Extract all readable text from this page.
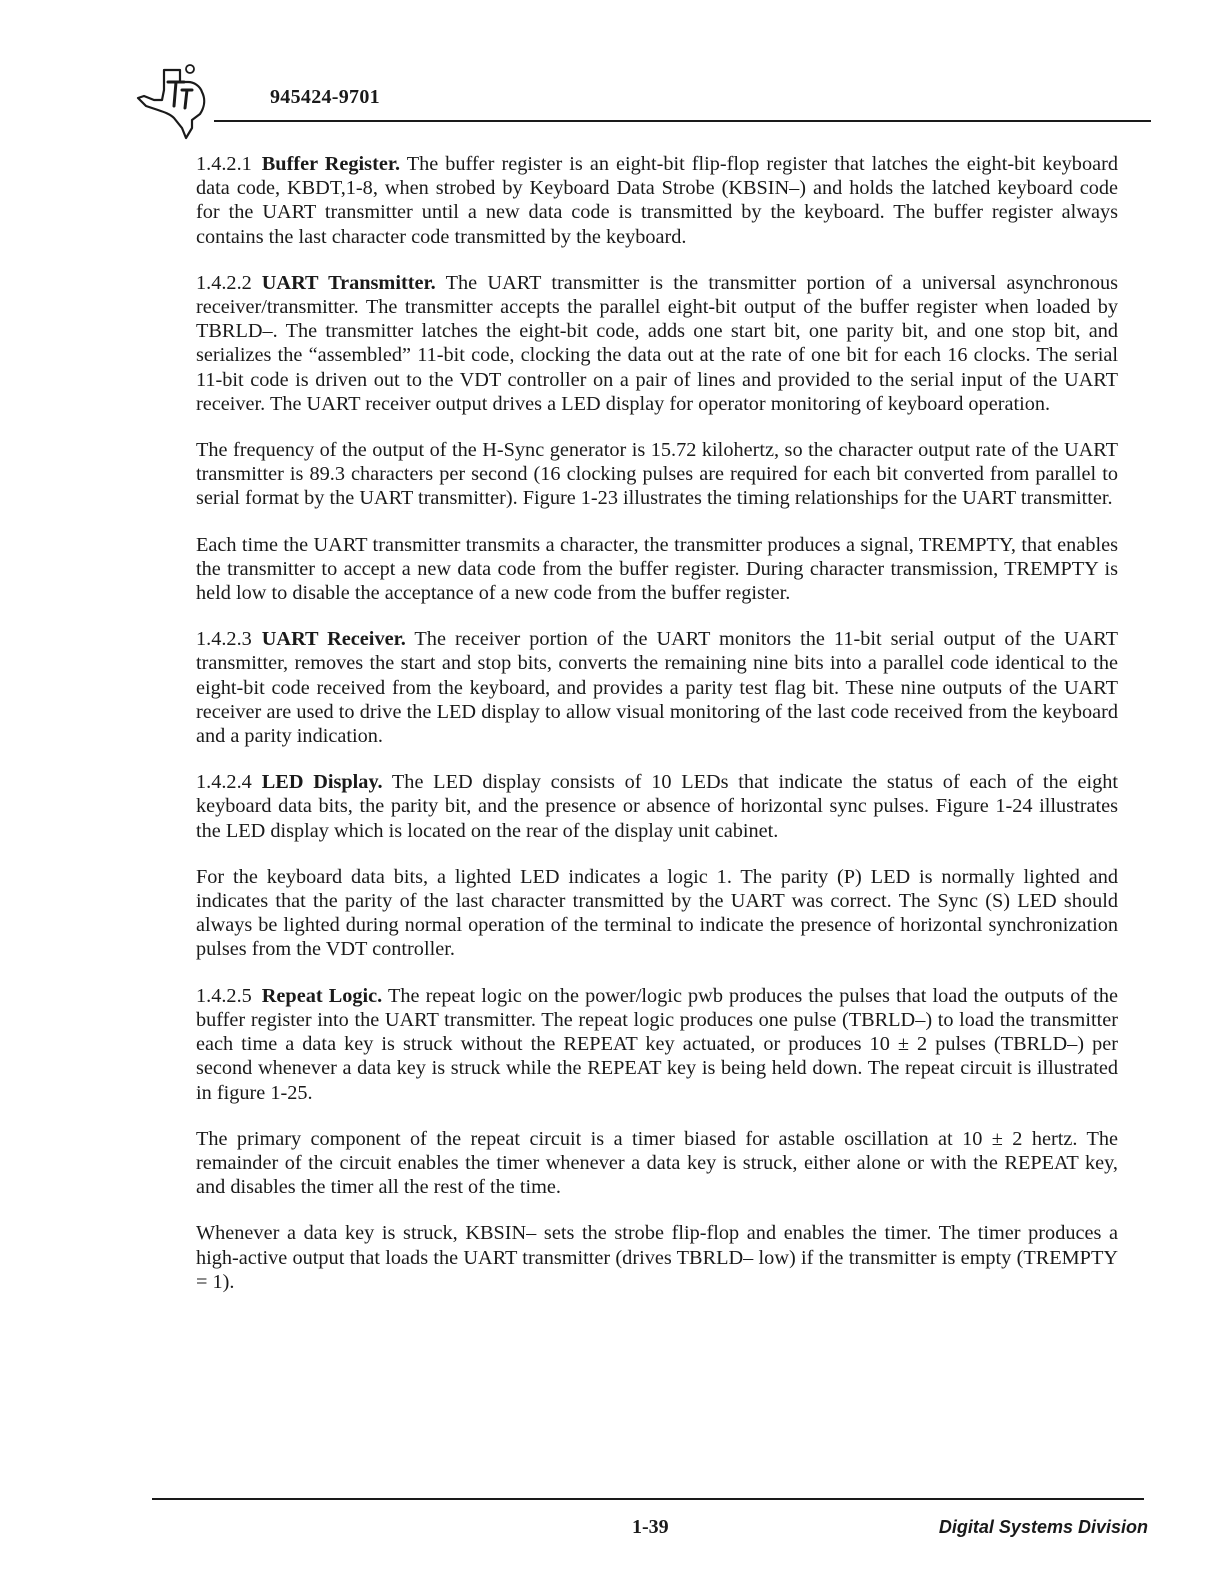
945424-9701

1.4.2.1 Buffer Register. The buffer register is an eight-bit flip-flop register that latches the eight-bit keyboard data code, KBDT,1-8, when strobed by Keyboard Data Strobe (KBSIN–) and holds the latched keyboard code for the UART transmitter until a new data code is transmitted by the keyboard. The buffer register always contains the last character code transmitted by the keyboard.

1.4.2.2 UART Transmitter. The UART transmitter is the transmitter portion of a universal asynchronous receiver/transmitter. The transmitter accepts the parallel eight-bit output of the buffer register when loaded by TBRLD–. The transmitter latches the eight-bit code, adds one start bit, one parity bit, and one stop bit, and serializes the “assembled” 11-bit code, clocking the data out at the rate of one bit for each 16 clocks. The serial 11-bit code is driven out to the VDT controller on a pair of lines and provided to the serial input of the UART receiver. The UART receiver output drives a LED display for operator monitoring of keyboard operation.

The frequency of the output of the H-Sync generator is 15.72 kilohertz, so the character output rate of the UART transmitter is 89.3 characters per second (16 clocking pulses are required for each bit converted from parallel to serial format by the UART transmitter). Figure 1-23 illustrates the timing relationships for the UART transmitter.

Each time the UART transmitter transmits a character, the transmitter produces a signal, TREMPTY, that enables the transmitter to accept a new data code from the buffer register. During character transmission, TREMPTY is held low to disable the acceptance of a new code from the buffer register.

1.4.2.3 UART Receiver. The receiver portion of the UART monitors the 11-bit serial output of the UART transmitter, removes the start and stop bits, converts the remaining nine bits into a parallel code identical to the eight-bit code received from the keyboard, and provides a parity test flag bit. These nine outputs of the UART receiver are used to drive the LED display to allow visual monitoring of the last code received from the keyboard and a parity indication.

1.4.2.4 LED Display. The LED display consists of 10 LEDs that indicate the status of each of the eight keyboard data bits, the parity bit, and the presence or absence of horizontal sync pulses. Figure 1-24 illustrates the LED display which is located on the rear of the display unit cabinet.

For the keyboard data bits, a lighted LED indicates a logic 1. The parity (P) LED is normally lighted and indicates that the parity of the last character transmitted by the UART was correct. The Sync (S) LED should always be lighted during normal operation of the terminal to indicate the presence of horizontal synchronization pulses from the VDT controller.

1.4.2.5 Repeat Logic. The repeat logic on the power/logic pwb produces the pulses that load the outputs of the buffer register into the UART transmitter. The repeat logic produces one pulse (TBRLD–) to load the transmitter each time a data key is struck without the REPEAT key actuated, or produces 10 ± 2 pulses (TBRLD–) per second whenever a data key is struck while the REPEAT key is being held down. The repeat circuit is illustrated in figure 1-25.

The primary component of the repeat circuit is a timer biased for astable oscillation at 10 ± 2 hertz. The remainder of the circuit enables the timer whenever a data key is struck, either alone or with the REPEAT key, and disables the timer all the rest of the time.

Whenever a data key is struck, KBSIN– sets the strobe flip-flop and enables the timer. The timer produces a high-active output that loads the UART transmitter (drives TBRLD– low) if the transmitter is empty (TREMPTY = 1).

1-39	Digital Systems Division
